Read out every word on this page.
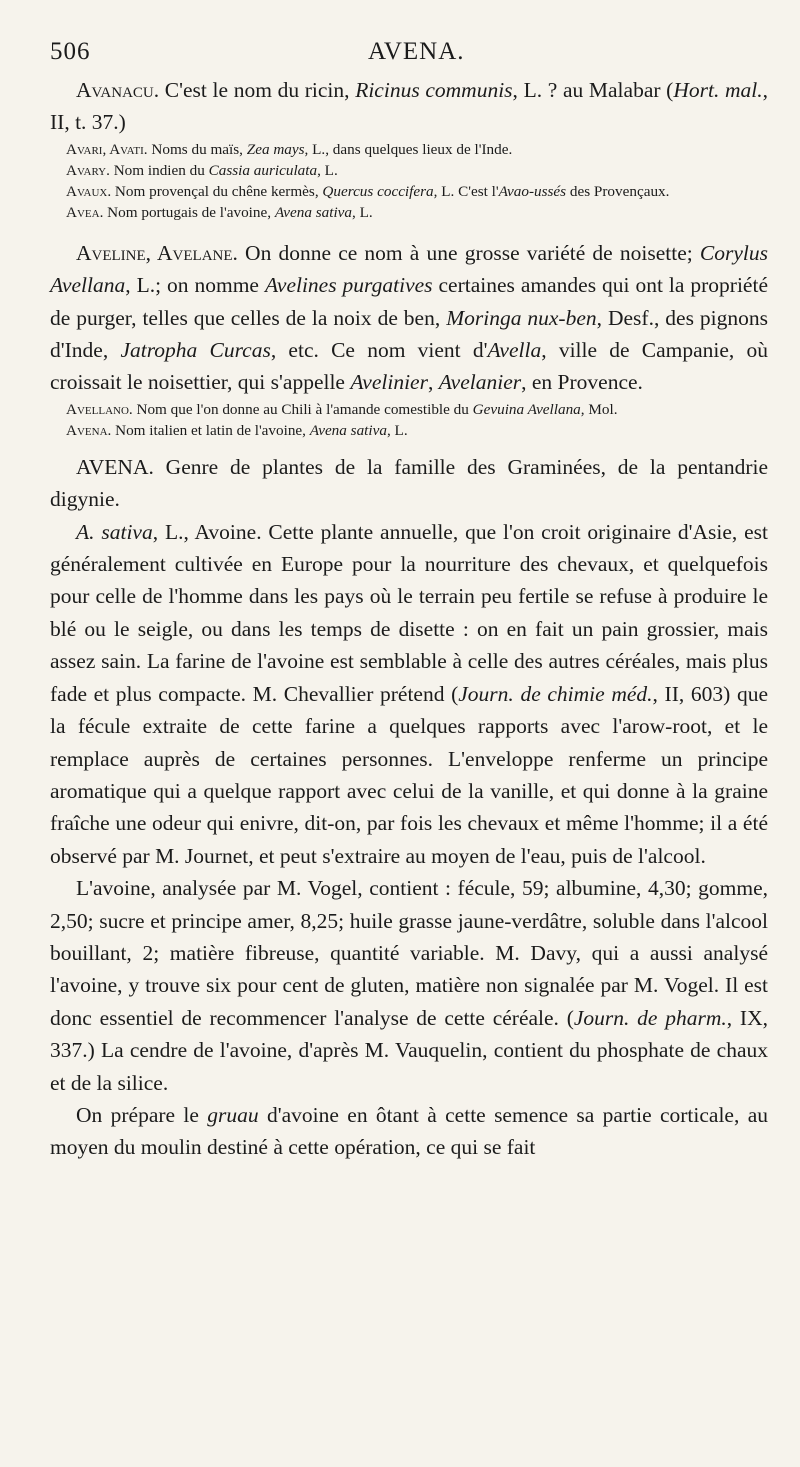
506	AVENA.

Avanacu. C'est le nom du ricin, Ricinus communis, L. ? au Malabar (Hort. mal., II, t. 37.)

Avari, Avati. Noms du maïs, Zea mays, L., dans quelques lieux de l'Inde.

Avary. Nom indien du Cassia auriculata, L.

Avaux. Nom provençal du chêne kermès, Quercus coccifera, L. C'est l'Avao-ussés des Provençaux.

Avea. Nom portugais de l'avoine, Avena sativa, L.

Aveline, Avelane. On donne ce nom à une grosse variété de noisette; Corylus Avellana, L.; on nomme Avelines purgatives certaines amandes qui ont la propriété de purger, telles que celles de la noix de ben, Moringa nux-ben, Desf., des pignons d'Inde, Jatropha Curcas, etc. Ce nom vient d'Avella, ville de Campanie, où croissait le noisettier, qui s'appelle Avelinier, Avelanier, en Provence.

Avellano. Nom que l'on donne au Chili à l'amande comestible du Gevuina Avellana, Mol.

Avena. Nom italien et latin de l'avoine, Avena sativa, L.

AVENA. Genre de plantes de la famille des Graminées, de la pentandrie digynie.

A. sativa, L., Avoine. Cette plante annuelle, que l'on croit originaire d'Asie, est généralement cultivée en Europe pour la nourriture des chevaux, et quelquefois pour celle de l'homme dans les pays où le terrain peu fertile se refuse à produire le blé ou le seigle, ou dans les temps de disette : on en fait un pain grossier, mais assez sain. La farine de l'avoine est semblable à celle des autres céréales, mais plus fade et plus compacte. M. Chevallier prétend (Journ. de chimie méd., II, 603) que la fécule extraite de cette farine a quelques rapports avec l'arow-root, et le remplace auprès de certaines personnes. L'enveloppe renferme un principe aromatique qui a quelque rapport avec celui de la vanille, et qui donne à la graine fraîche une odeur qui enivre, dit-on, par fois les chevaux et même l'homme; il a été observé par M. Journet, et peut s'extraire au moyen de l'eau, puis de l'alcool.

L'avoine, analysée par M. Vogel, contient : fécule, 59; albumine, 4,30; gomme, 2,50; sucre et principe amer, 8,25; huile grasse jaune-verdâtre, soluble dans l'alcool bouillant, 2; matière fibreuse, quantité variable. M. Davy, qui a aussi analysé l'avoine, y trouve six pour cent de gluten, matière non signalée par M. Vogel. Il est donc essentiel de recommencer l'analyse de cette céréale. (Journ. de pharm., IX, 337.) La cendre de l'avoine, d'après M. Vauquelin, contient du phosphate de chaux et de la silice.

On prépare le gruau d'avoine en ôtant à cette semence sa partie corticale, au moyen du moulin destiné à cette opération, ce qui se fait
